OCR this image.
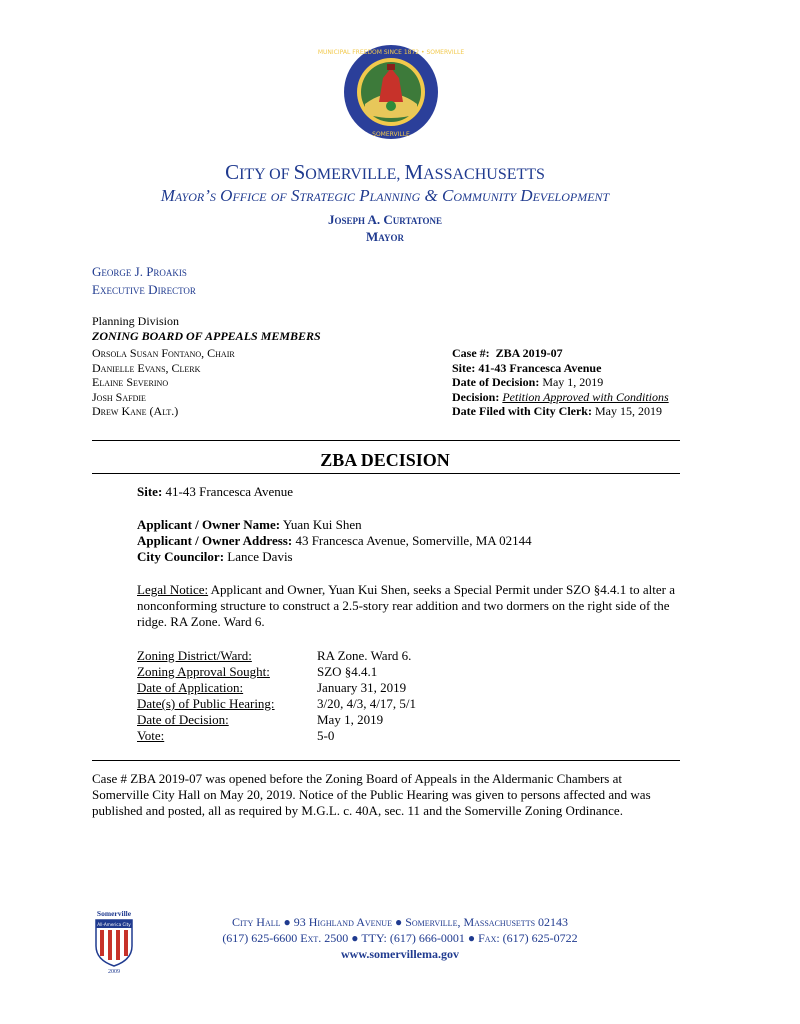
MUNICIPAL FREEDOM SINCE 1872 • SOMERVILLE
SOMERVILLE
CITY OF SOMERVILLE, MASSACHUSETTS
Mayor’s Office of Strategic Planning & Community Development
Joseph A. Curtatone
Mayor
George J. Proakis
Executive Director
Planning Division
ZONING BOARD OF APPEALS MEMBERS
Orsola Susan Fontano, Chair
Danielle Evans, Clerk
Elaine Severino
Josh Safdie
Drew Kane (Alt.)
Case #: ZBA 2019-07
Site: 41-43 Francesca Avenue
Date of Decision: May 1, 2019
Decision: Petition Approved with Conditions
Date Filed with City Clerk: May 15, 2019
ZBA DECISION
Site: 41-43 Francesca Avenue
Applicant / Owner Name: Yuan Kui Shen
Applicant / Owner Address: 43 Francesca Avenue, Somerville, MA 02144
City Councilor: Lance Davis
Legal Notice: Applicant and Owner, Yuan Kui Shen, seeks a Special Permit under SZO §4.4.1 to alter a nonconforming structure to construct a 2.5-story rear addition and two dormers on the right side of the ridge. RA Zone. Ward 6.
Zoning District/Ward:
Zoning Approval Sought:
Date of Application:
Date(s) of Public Hearing:
Date of Decision:
Vote:
RA Zone. Ward 6.
SZO §4.4.1
January 31, 2019
3/20, 4/3, 4/17, 5/1
May 1, 2019
5-0
Case # ZBA 2019-07 was opened before the Zoning Board of Appeals in the Aldermanic Chambers at Somerville City Hall on May 20, 2019. Notice of the Public Hearing was given to persons affected and was published and posted, all as required by M.G.L. c. 40A, sec. 11 and the Somerville Zoning Ordinance.
Somerville
All-America City
2009
City Hall ● 93 Highland Avenue ● Somerville, Massachusetts 02143
(617) 625-6600 Ext. 2500 ● TTY: (617) 666-0001 ● Fax: (617) 625-0722
www.somervillema.gov
